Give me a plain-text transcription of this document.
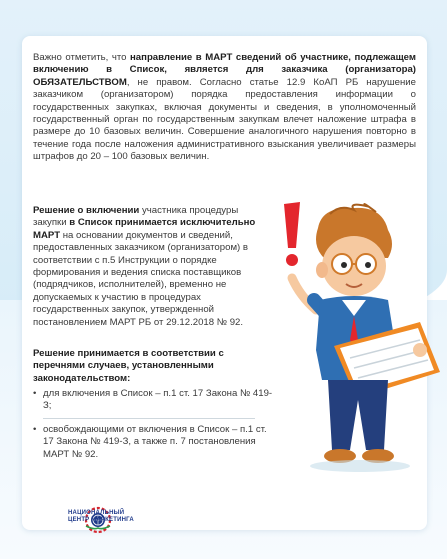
Важно отметить, что направление в МАРТ сведений об участнике, подлежащем включению в Список, является для заказчика (организатора) ОБЯЗАТЕЛЬСТВОМ, не правом. Согласно статье 12.9 КоАП РБ нарушение заказчиком (организатором) порядка предоставления информации о государственных закупках, включая документы и сведения, в уполномоченный государственный орган по государственным закупкам влечет наложение штрафа в размере до 10 базовых величин. Совершение аналогичного нарушения повторно в течение года после наложения административного взыскания увеличивает размеры штрафов до 20 – 100 базовых величин.

Решение о включении участника процедуры закупки в Список принимается исключительно МАРТ на основании документов и сведений, предоставленных заказчиком (организатором) в соответствии с п.5 Инструкции о порядке формирования и ведения списка поставщиков (подрядчиков, исполнителей), временно не допускаемых к участию в процедурах государственных закупок, утвержденной постановлением МАРТ РБ от 29.12.2018 № 92.

Решение принимается в соответствии с перечнями случаев, установленными законодательством:

• для включения в Список – п.1 ст. 17 Закона № 419-З;
• освобождающими от включения в Список – п.1 ст. 17 Закона № 419-З, а также п. 7 постановления МАРТ № 92.
НАЦИОНАЛЬНЫЙ
ЦЕНТР МАРКЕТИНГА
